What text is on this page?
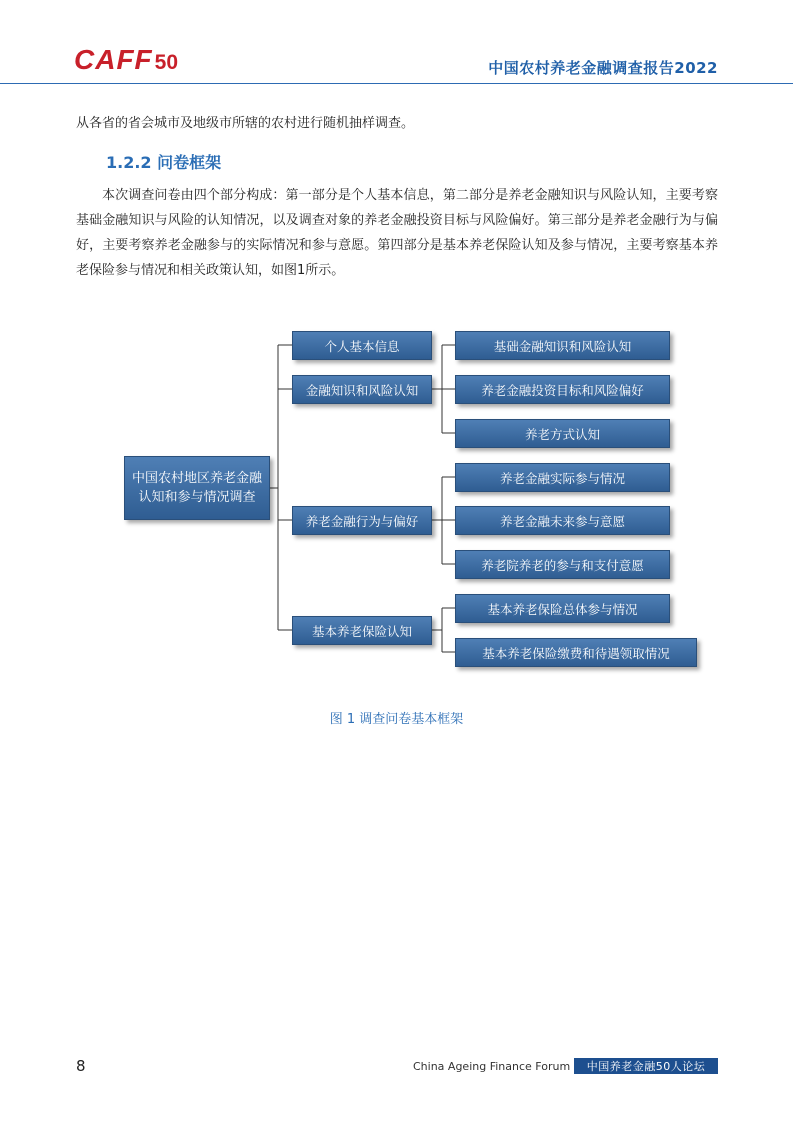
CAFF 50	中国农村养老金融调查报告2022

从各省的省会城市及地级市所辖的农村进行随机抽样调查。

1.2.2 问卷框架

本次调查问卷由四个部分构成：第一部分是个人基本信息，第二部分是养老金融知识与风险认知，主要考察基础金融知识与风险的认知情况，以及调查对象的养老金融投资目标与风险偏好。第三部分是养老金融行为与偏好，主要考察养老金融参与的实际情况和参与意愿。第四部分是基本养老保险认知及参与情况，主要考察基本养老保险参与情况和相关政策认知，如图1所示。

中国农村地区养老金融认知和参与情况调查
个人基本信息
金融知识和风险认知
养老金融行为与偏好
基本养老保险认知
基础金融知识和风险认知
养老金融投资目标和风险偏好
养老方式认知
养老金融实际参与情况
养老金融未来参与意愿
养老院养老的参与和支付意愿
基本养老保险总体参与情况
基本养老保险缴费和待遇领取情况
图 1 调查问卷基本框架
8	China Ageing Finance Forum	中国养老金融50人论坛
